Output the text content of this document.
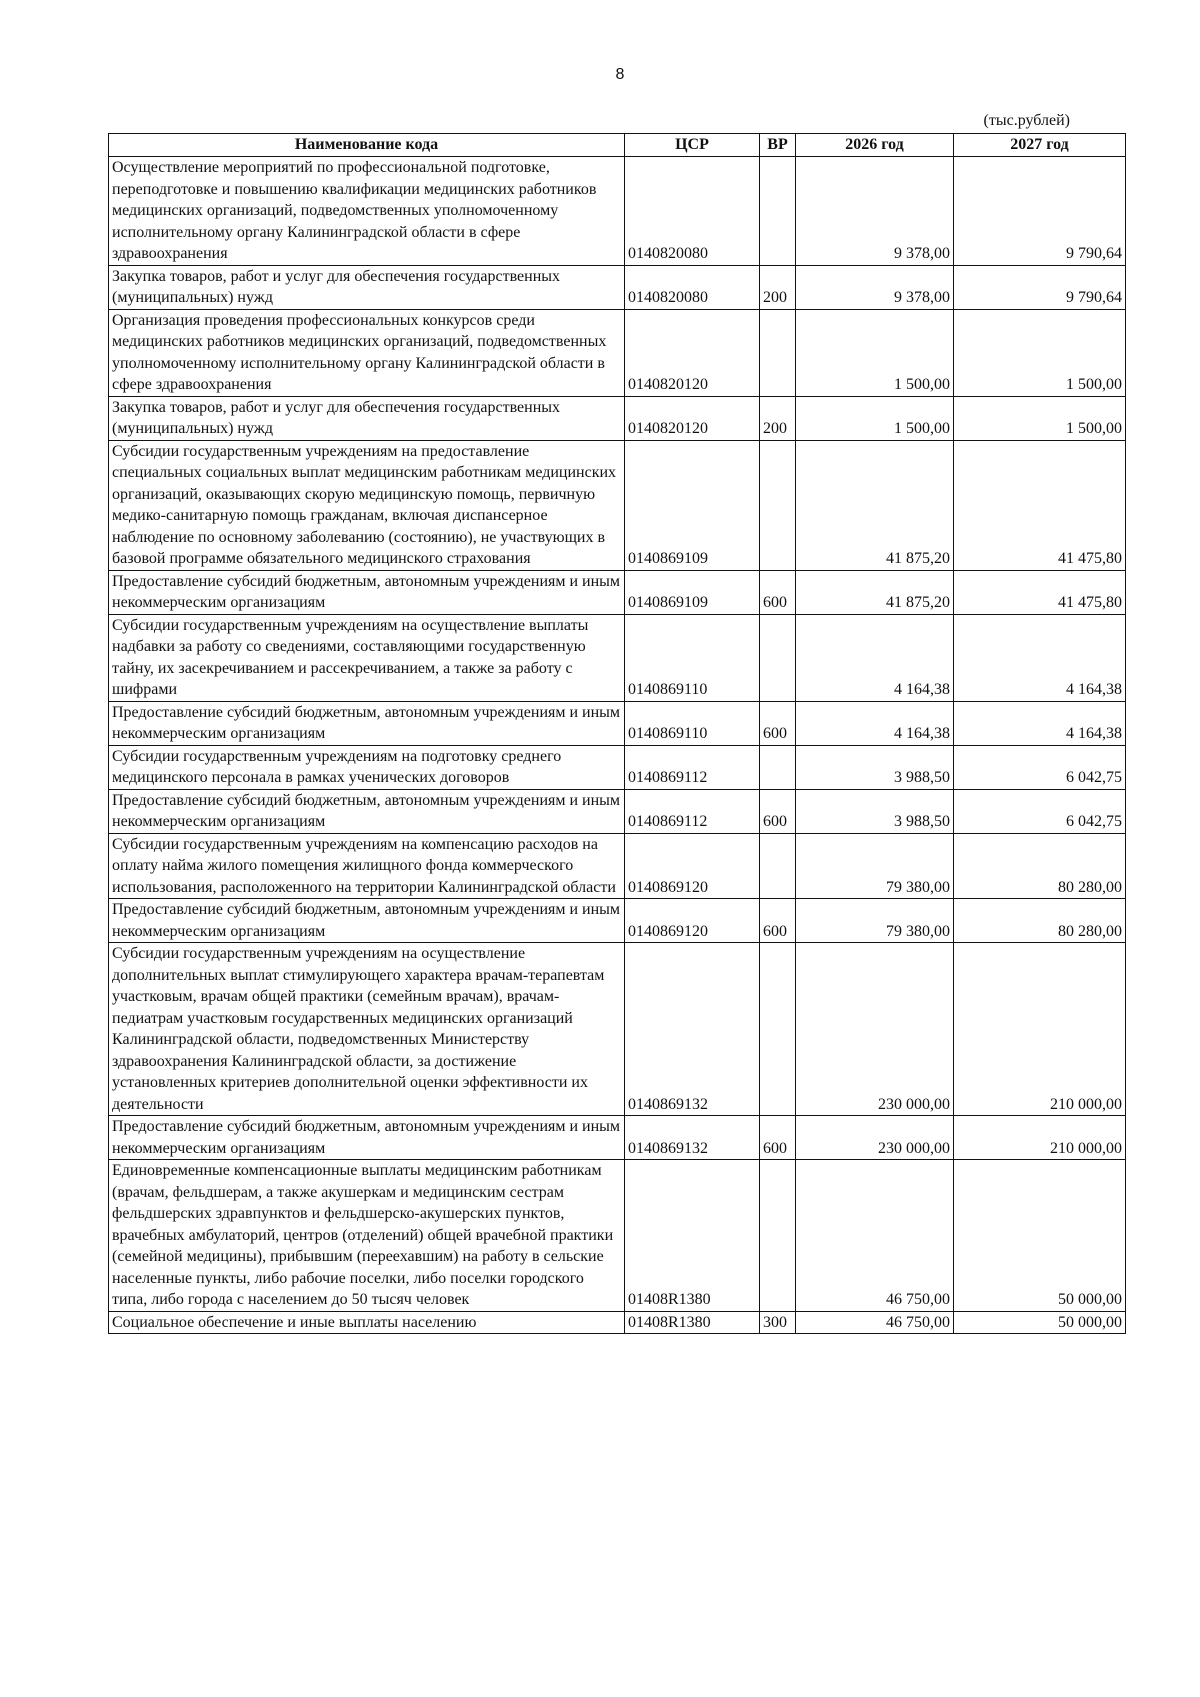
8
(тыс.рублей)
Наименование кода	ЦСР	ВР	2026 год	2027 год
Осуществление мероприятий по профессиональной подготовке, переподготовке и повышению квалификации медицинских работников медицинских организаций, подведомственных уполномоченному исполнительному органу Калининградской области в сфере здравоохранения	0140820080		9 378,00	9 790,64
Закупка товаров, работ и услуг для обеспечения государственных (муниципальных) нужд	0140820080	200	9 378,00	9 790,64
Организация проведения профессиональных конкурсов среди медицинских работников медицинских организаций, подведомственных уполномоченному исполнительному органу Калининградской области в сфере здравоохранения	0140820120		1 500,00	1 500,00
Закупка товаров, работ и услуг для обеспечения государственных (муниципальных) нужд	0140820120	200	1 500,00	1 500,00
Субсидии государственным учреждениям на предоставление специальных социальных выплат медицинским работникам медицинских организаций, оказывающих скорую медицинскую помощь, первичную медико-санитарную помощь гражданам, включая диспансерное наблюдение по основному заболеванию (состоянию), не участвующих в базовой программе обязательного медицинского страхования	0140869109		41 875,20	41 475,80
Предоставление субсидий бюджетным, автономным учреждениям и иным некоммерческим организациям	0140869109	600	41 875,20	41 475,80
Субсидии государственным учреждениям на осуществление выплаты надбавки за работу со сведениями, составляющими государственную тайну, их засекречиванием и рассекречиванием, а также за работу с шифрами	0140869110		4 164,38	4 164,38
Предоставление субсидий бюджетным, автономным учреждениям и иным некоммерческим организациям	0140869110	600	4 164,38	4 164,38
Субсидии государственным учреждениям на подготовку среднего медицинского персонала в рамках ученических договоров	0140869112		3 988,50	6 042,75
Предоставление субсидий бюджетным, автономным учреждениям и иным некоммерческим организациям	0140869112	600	3 988,50	6 042,75
Субсидии государственным учреждениям на компенсацию расходов на оплату найма жилого помещения жилищного фонда коммерческого использования, расположенного на территории Калининградской области	0140869120		79 380,00	80 280,00
Предоставление субсидий бюджетным, автономным учреждениям и иным некоммерческим организациям	0140869120	600	79 380,00	80 280,00
Субсидии государственным учреждениям на осуществление дополнительных выплат стимулирующего характера врачам-терапевтам участковым, врачам общей практики (семейным врачам), врачам-педиатрам участковым государственных медицинских организаций Калининградской области, подведомственных Министерству здравоохранения Калининградской области, за достижение установленных критериев дополнительной оценки эффективности их деятельности	0140869132		230 000,00	210 000,00
Предоставление субсидий бюджетным, автономным учреждениям и иным некоммерческим организациям	0140869132	600	230 000,00	210 000,00
Единовременные компенсационные выплаты медицинским работникам (врачам, фельдшерам, а также акушеркам и медицинским сестрам фельдшерских здравпунктов и фельдшерско-акушерских пунктов, врачебных амбулаторий, центров (отделений) общей врачебной практики (семейной медицины), прибывшим (переехавшим) на работу в сельские населенные пункты, либо рабочие поселки, либо поселки городского типа, либо города с населением до 50 тысяч человек	01408R1380		46 750,00	50 000,00
Социальное обеспечение и иные выплаты населению	01408R1380	300	46 750,00	50 000,00
